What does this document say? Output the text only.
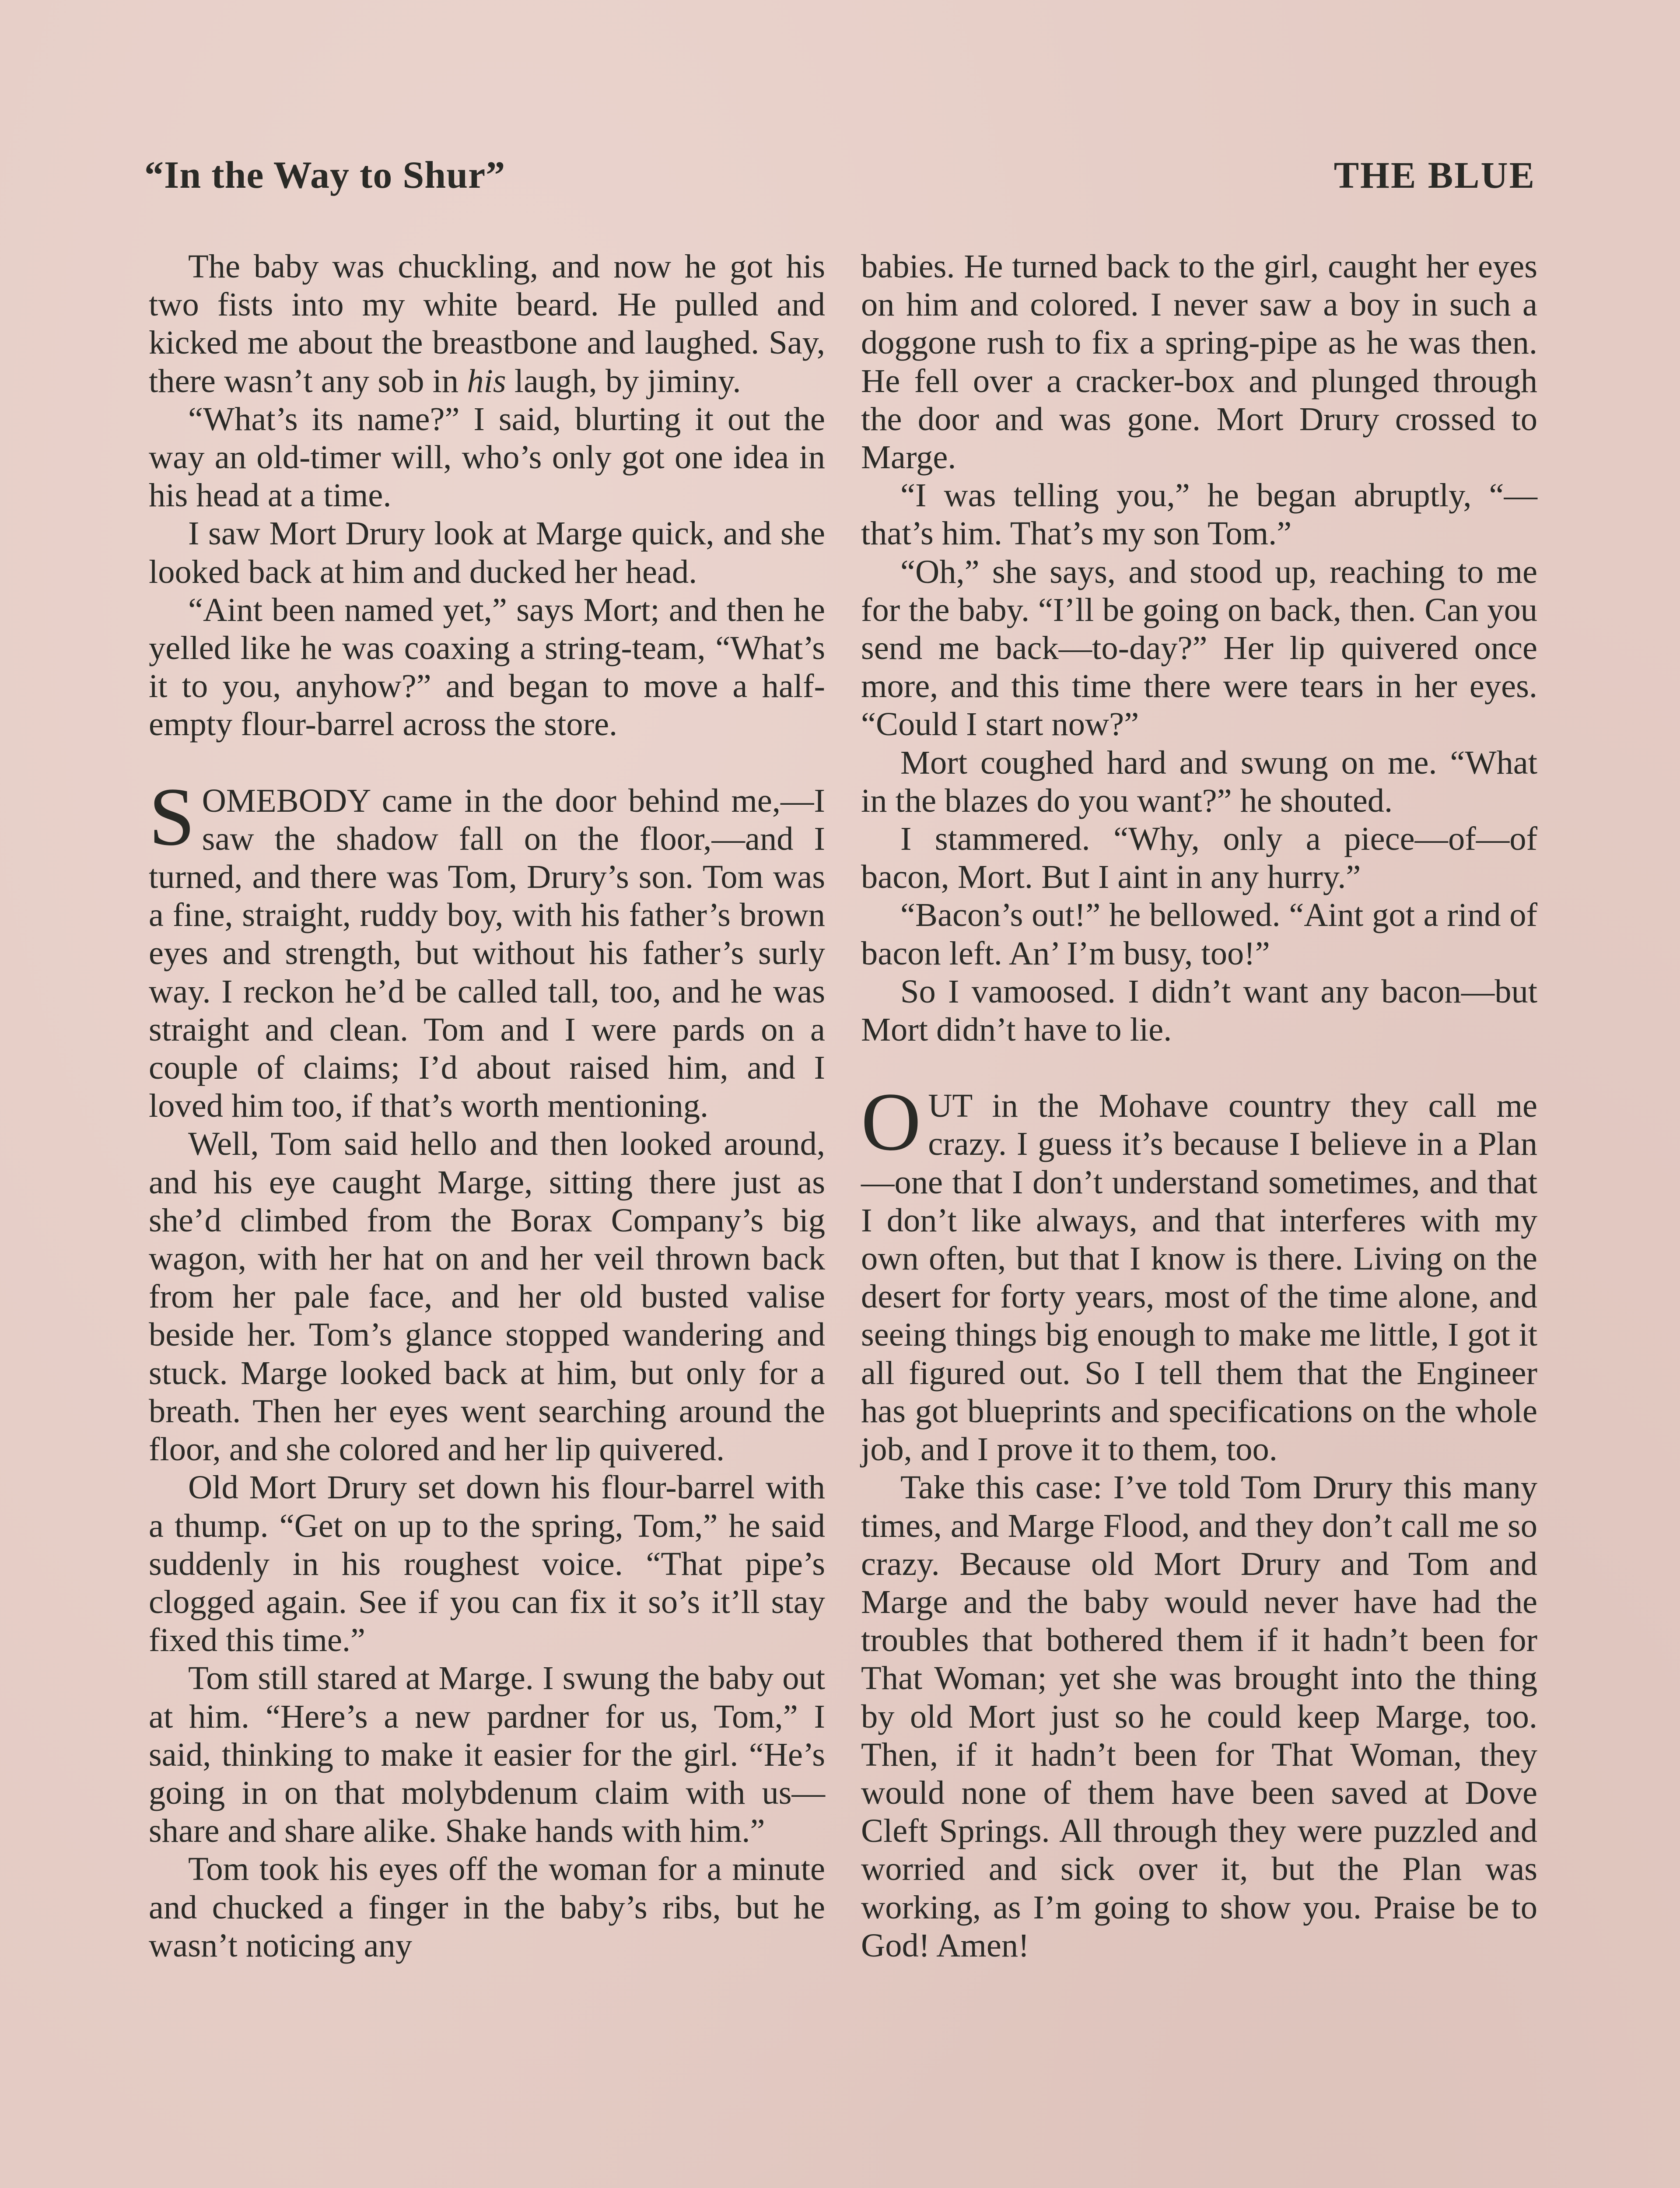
“In the Way to Shur”	THE BLUE

The baby was chuckling, and now he got his two fists into my white beard. He pulled and kicked me about the breastbone and laughed. Say, there wasn’t any sob in his laugh, by jiminy.

“What’s its name?” I said, blurting it out the way an old-timer will, who’s only got one idea in his head at a time.

I saw Mort Drury look at Marge quick, and she looked back at him and ducked her head.

“Aint been named yet,” says Mort; and then he yelled like he was coaxing a string-team, “What’s it to you, anyhow?” and began to move a half-empty flour-barrel across the store.

SOMEBODY came in the door behind me,—I saw the shadow fall on the floor,—and I turned, and there was Tom, Drury’s son. Tom was a fine, straight, ruddy boy, with his father’s brown eyes and strength, but without his father’s surly way. I reckon he’d be called tall, too, and he was straight and clean. Tom and I were pards on a couple of claims; I’d about raised him, and I loved him too, if that’s worth mentioning.

Well, Tom said hello and then looked around, and his eye caught Marge, sitting there just as she’d climbed from the Borax Company’s big wagon, with her hat on and her veil thrown back from her pale face, and her old busted valise beside her. Tom’s glance stopped wandering and stuck. Marge looked back at him, but only for a breath. Then her eyes went searching around the floor, and she colored and her lip quivered.

Old Mort Drury set down his flour-barrel with a thump. “Get on up to the spring, Tom,” he said suddenly in his roughest voice. “That pipe’s clogged again. See if you can fix it so’s it’ll stay fixed this time.”

Tom still stared at Marge. I swung the baby out at him. “Here’s a new pardner for us, Tom,” I said, thinking to make it easier for the girl. “He’s going in on that molybdenum claim with us—share and share alike. Shake hands with him.”

Tom took his eyes off the woman for a minute and chucked a finger in the baby’s ribs, but he wasn’t noticing any

babies. He turned back to the girl, caught her eyes on him and colored. I never saw a boy in such a doggone rush to fix a spring-pipe as he was then. He fell over a cracker-box and plunged through the door and was gone. Mort Drury crossed to Marge.

“I was telling you,” he began abruptly, “—that’s him. That’s my son Tom.”

“Oh,” she says, and stood up, reaching to me for the baby. “I’ll be going on back, then. Can you send me back—to-day?” Her lip quivered once more, and this time there were tears in her eyes. “Could I start now?”

Mort coughed hard and swung on me. “What in the blazes do you want?” he shouted.

I stammered. “Why, only a piece—of—of bacon, Mort. But I aint in any hurry.”

“Bacon’s out!” he bellowed. “Aint got a rind of bacon left. An’ I’m busy, too!”

So I vamoosed. I didn’t want any bacon—but Mort didn’t have to lie.

OUT in the Mohave country they call me crazy. I guess it’s because I believe in a Plan—one that I don’t understand sometimes, and that I don’t like always, and that interferes with my own often, but that I know is there. Living on the desert for forty years, most of the time alone, and seeing things big enough to make me little, I got it all figured out. So I tell them that the Engineer has got blueprints and specifications on the whole job, and I prove it to them, too.

Take this case: I’ve told Tom Drury this many times, and Marge Flood, and they don’t call me so crazy. Because old Mort Drury and Tom and Marge and the baby would never have had the troubles that bothered them if it hadn’t been for That Woman; yet she was brought into the thing by old Mort just so he could keep Marge, too. Then, if it hadn’t been for That Woman, they would none of them have been saved at Dove Cleft Springs. All through they were puzzled and worried and sick over it, but the Plan was working, as I’m going to show you. Praise be to God! Amen!
